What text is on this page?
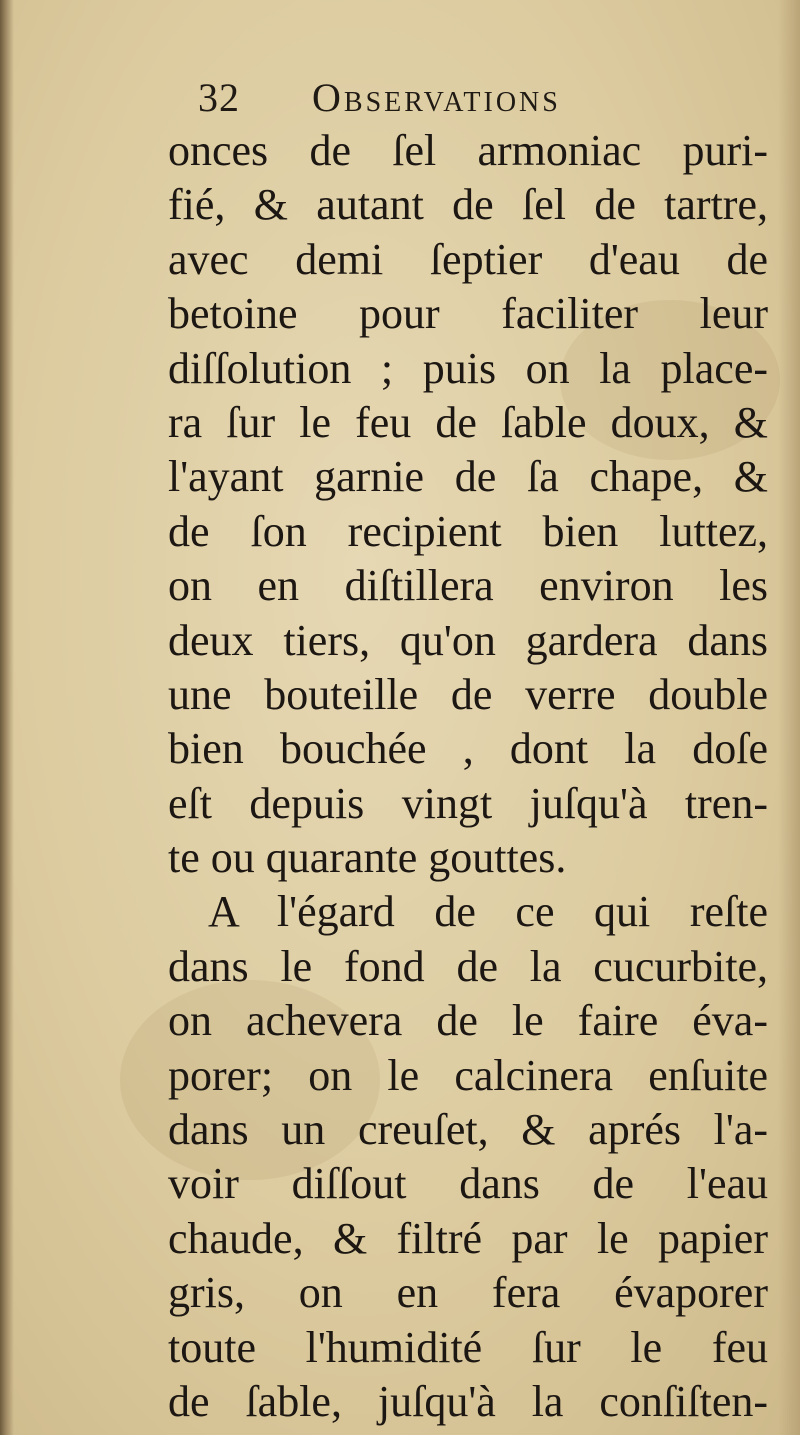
32 Observations
onces de ſel armoniac puri-
fié, & autant de ſel de tartre,
avec demi ſeptier d'eau de
betoine pour faciliter leur
diſſolution ; puis on la place-
ra ſur le feu de ſable doux, &
l'ayant garnie de ſa chape, &
de ſon recipient bien luttez,
on en diſtillera environ les
deux tiers, qu'on gardera dans
une bouteille de verre double
bien bouchée , dont la doſe
eſt depuis vingt juſqu'à tren-
te ou quarante gouttes.
A l'égard de ce qui reſte
dans le fond de la cucurbite,
on achevera de le faire éva-
porer; on le calcinera enſuite
dans un creuſet, & aprés l'a-
voir diſſout dans de l'eau
chaude, & filtré par le papier
gris, on en fera évaporer
toute l'humidité ſur le feu
de ſable, juſqu'à la conſiſten-
